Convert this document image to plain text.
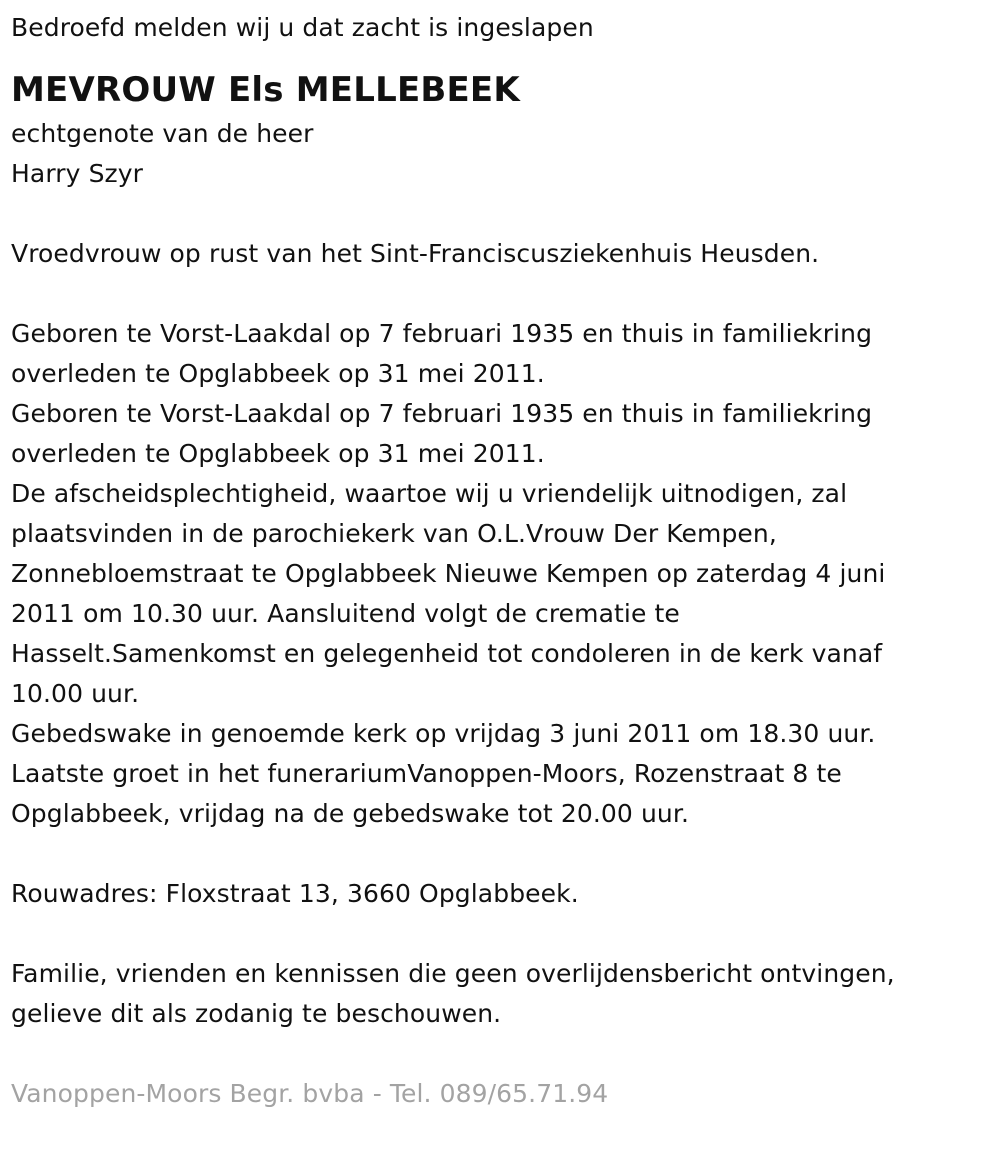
Bedroefd melden wij u dat zacht is ingeslapen
MEVROUW Els MELLEBEEK
echtgenote van de heer
Harry Szyr
Vroedvrouw op rust van het Sint-Franciscusziekenhuis Heusden.
Geboren te Vorst-Laakdal op 7 februari 1935 en thuis in familiekring
overleden te Opglabbeek op 31 mei 2011.
Geboren te Vorst-Laakdal op 7 februari 1935 en thuis in familiekring
overleden te Opglabbeek op 31 mei 2011.
De afscheidsplechtigheid, waartoe wij u vriendelijk uitnodigen, zal
plaatsvinden in de parochiekerk van O.L.Vrouw Der Kempen,
Zonnebloemstraat te Opglabbeek Nieuwe Kempen op zaterdag 4 juni
2011 om 10.30 uur. Aansluitend volgt de crematie te
Hasselt.Samenkomst en gelegenheid tot condoleren in de kerk vanaf
10.00 uur.
Gebedswake in genoemde kerk op vrijdag 3 juni 2011 om 18.30 uur.
Laatste groet in het funerariumVanoppen-Moors, Rozenstraat 8 te
Opglabbeek, vrijdag na de gebedswake tot 20.00 uur.
Rouwadres: Floxstraat 13, 3660 Opglabbeek.
Familie, vrienden en kennissen die geen overlijdensbericht ontvingen,
gelieve dit als zodanig te beschouwen.
Vanoppen-Moors Begr. bvba - Tel. 089/65.71.94
